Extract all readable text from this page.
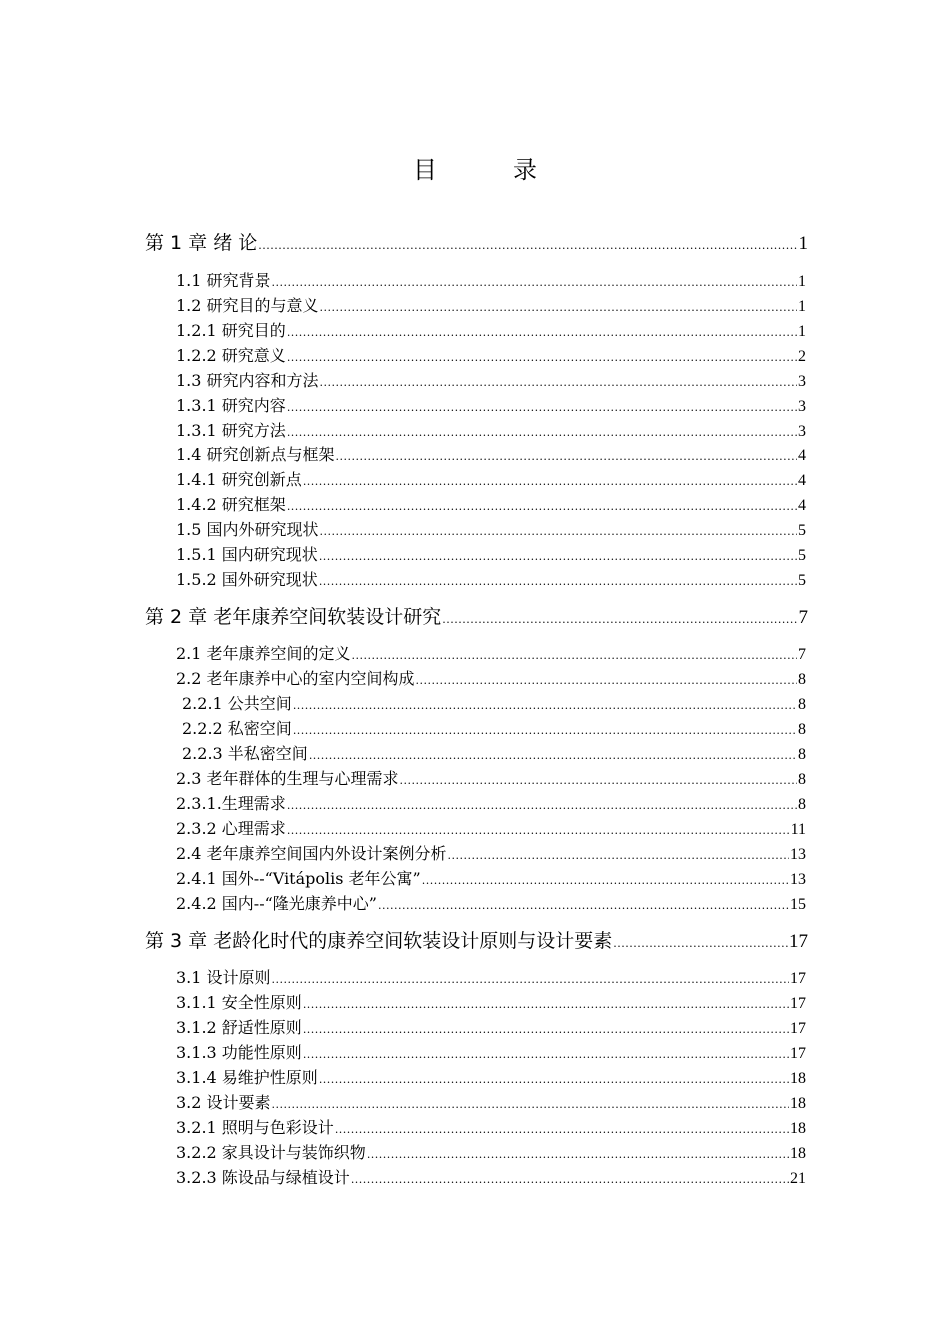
目　录
第 1 章 绪 论 .....	1
1.1 研究背景 .....	1
1.2 研究目的与意义 .....	1
1.2.1 研究目的 .....	1
1.2.2 研究意义 .....	2
1.3 研究内容和方法 .....	3
1.3.1 研究内容 .....	3
1.3.1 研究方法 .....	3
1.4 研究创新点与框架 .....	4
1.4.1 研究创新点 .....	4
1.4.2 研究框架 .....	4
1.5 国内外研究现状 .....	5
1.5.1 国内研究现状 .....	5
1.5.2 国外研究现状 .....	5
第 2 章 老年康养空间软装设计研究 .....	7
2.1 老年康养空间的定义 .....	7
2.2 老年康养中心的室内空间构成 .....	8
2.2.1 公共空间 .....	8
2.2.2 私密空间 .....	8
2.2.3 半私密空间 .....	8
2.3 老年群体的生理与心理需求 .....	8
2.3.1.生理需求 .....	8
2.3.2 心理需求 .....	11
2.4 老年康养空间国内外设计案例分析 .....	13
2.4.1 国外--“Vitápolis 老年公寓” .....	13
2.4.2 国内--“隆光康养中心” .....	15
第 3 章 老龄化时代的康养空间软装设计原则与设计要素 .....	17
3.1 设计原则 .....	17
3.1.1 安全性原则 .....	17
3.1.2 舒适性原则 .....	17
3.1.3 功能性原则 .....	17
3.1.4 易维护性原则 .....	18
3.2 设计要素 .....	18
3.2.1 照明与色彩设计 .....	18
3.2.2 家具设计与装饰织物 .....	18
3.2.3 陈设品与绿植设计 .....	21
